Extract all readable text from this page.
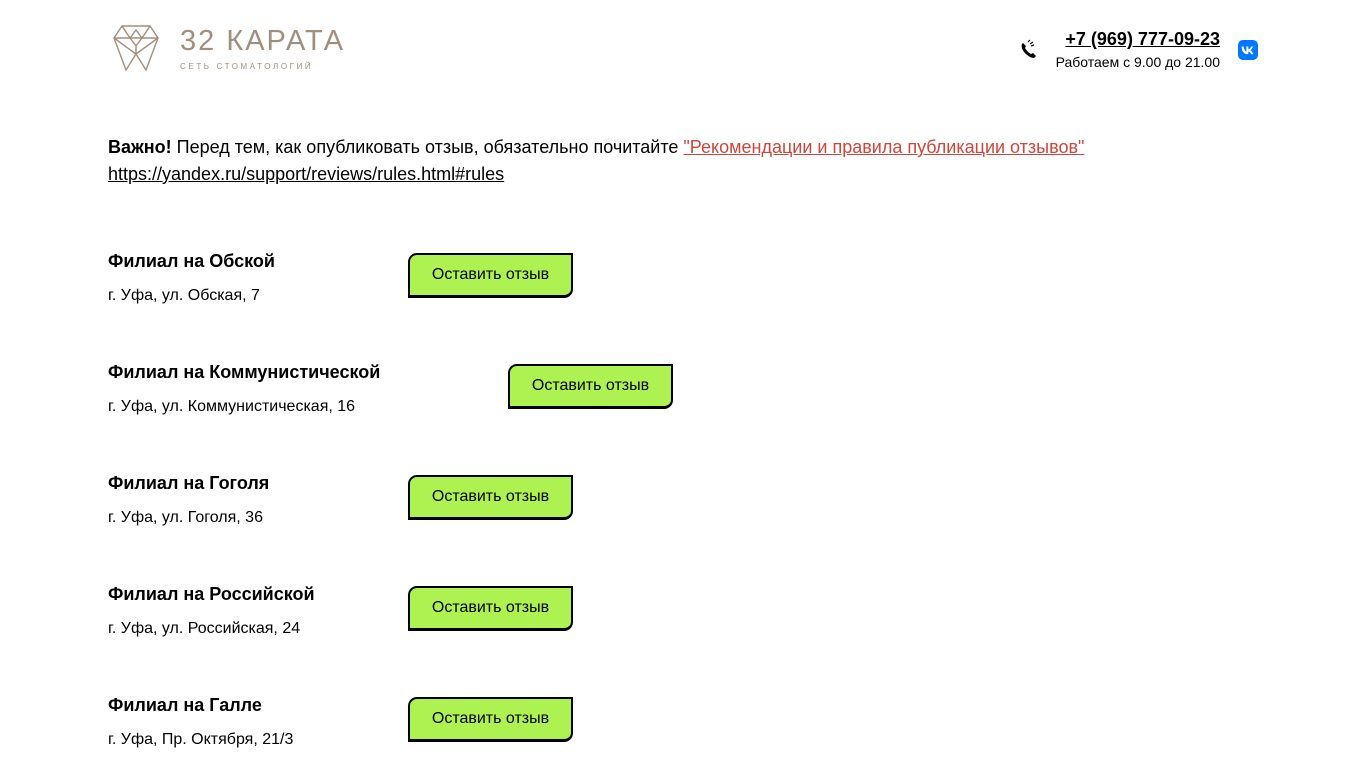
32 КАРАТА
СЕТЬ СТОМАТОЛОГИЙ
+7 (969) 777-09-23
Работаем с 9.00 до 21.00
Важно! Перед тем, как опубликовать отзыв, обязательно почитайте "Рекомендации и правила публикации отзывов"
https://yandex.ru/support/reviews/rules.html#rules
Филиал на Обской
г. Уфа, ул. Обская, 7
Оставить отзыв
Филиал на Коммунистической
г. Уфа, ул. Коммунистическая, 16
Оставить отзыв
Филиал на Гоголя
г. Уфа, ул. Гоголя, 36
Оставить отзыв
Филиал на Российской
г. Уфа, ул. Российская, 24
Оставить отзыв
Филиал на Галле
г. Уфа, Пр. Октября, 21/3
Оставить отзыв
